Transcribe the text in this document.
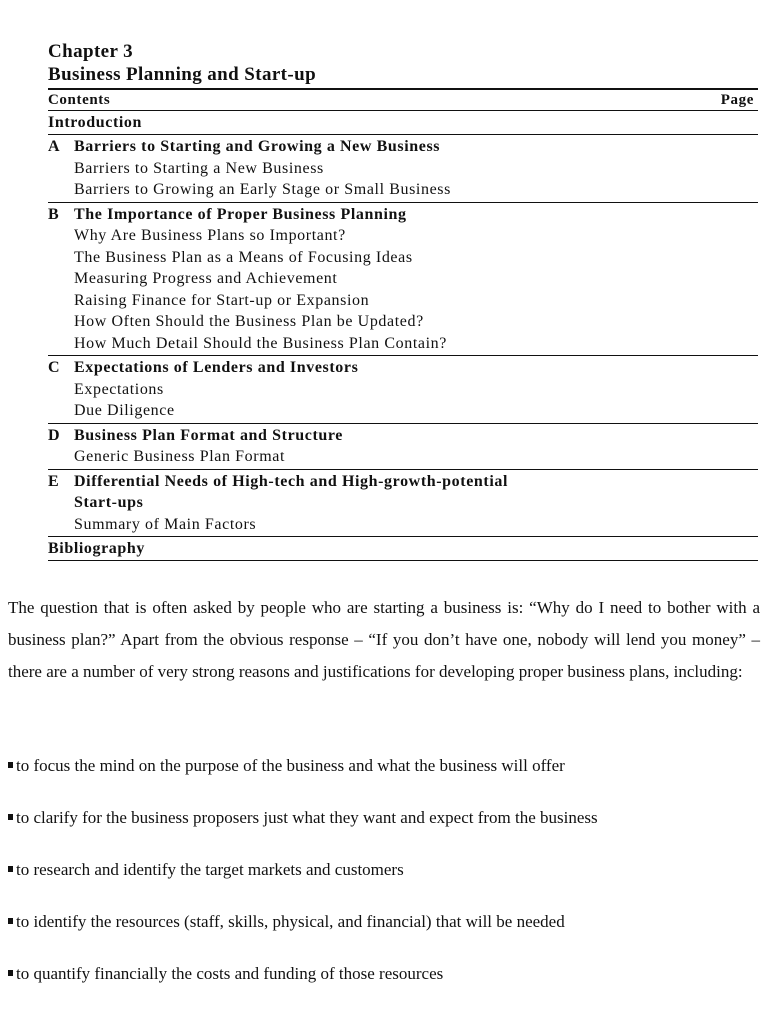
Chapter 3
Business Planning and Start-up
Contents	Page
Introduction
A Barriers to Starting and Growing a New Business
Barriers to Starting a New Business
Barriers to Growing an Early Stage or Small Business
B The Importance of Proper Business Planning
Why Are Business Plans so Important?
The Business Plan as a Means of Focusing Ideas
Measuring Progress and Achievement
Raising Finance for Start-up or Expansion
How Often Should the Business Plan be Updated?
How Much Detail Should the Business Plan Contain?
C Expectations of Lenders and Investors
Expectations
Due Diligence
D Business Plan Format and Structure
Generic Business Plan Format
E Differential Needs of High-tech and High-growth-potential
Start-ups
Summary of Main Factors
Bibliography
The question that is often asked by people who are starting a business is: “Why do I need to bother with a business plan?” Apart from the obvious response – “If you don’t have one, nobody will lend you money” – there are a number of very strong reasons and justifications for developing proper business plans, including:
to focus the mind on the purpose of the business and what the business will offer
to clarify for the business proposers just what they want and expect from the business
to research and identify the target markets and customers
to identify the resources (staff, skills, physical, and financial) that will be needed
to quantify financially the costs and funding of those resources
